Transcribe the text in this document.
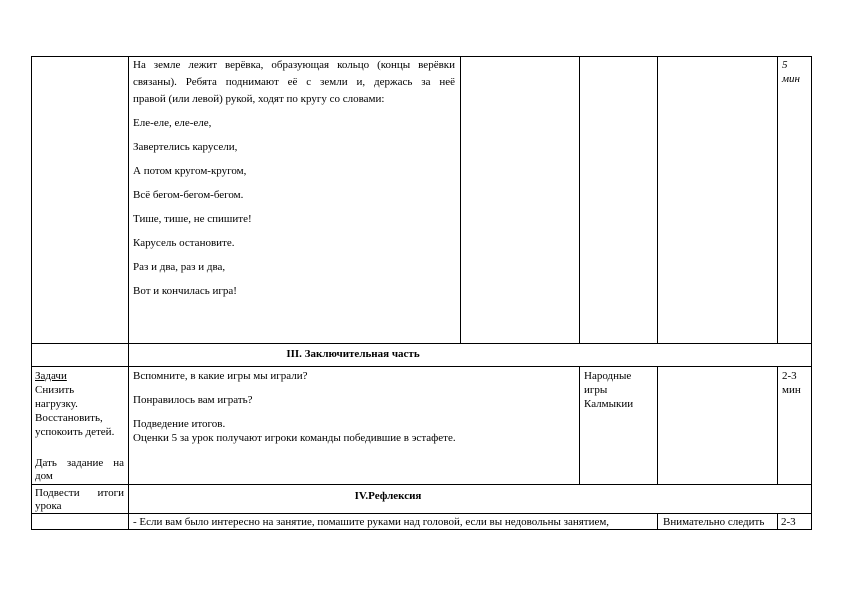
На земле лежит верёвка, образующая кольцо (концы верёвки
связаны). Ребята поднимают её с земли и, держась за неё
правой (или левой) рукой, ходят по кругу со словами:
Еле-еле, еле-еле,
Завертелись карусели,
А потом кругом-кругом,
Всё бегом-бегом-бегом.
Тише, тише, не спишите!
Карусель остановите.
Раз и два, раз и два,
Вот и кончилась игра!
5
мин
III. Заключительная часть
Задачи
Снизить
нагрузку.
Восстановить,
успокоить детей.
Дать задание на
дом
Вспомните, в какие игры мы играли?
Понравилось вам играть?
Подведение итогов.
Оценки 5 за урок получают игроки команды победившие в эстафете.
Народные
игры
Калмыкии
2-3
мин
Подвести итоги
урока
IV.Рефлексия
- Если вам было интересно на занятие, помашите руками над головой, если вы недовольны занятием,	Внимательно следить 2-3
